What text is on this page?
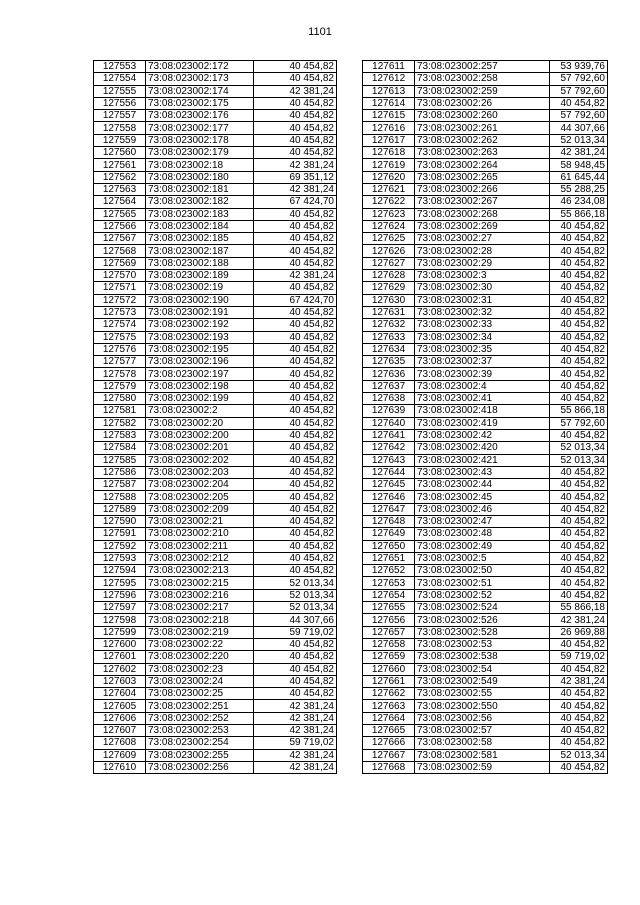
1101
127553	73:08:023002:172	40 454,82
127554	73:08:023002:173	40 454,82
127555	73:08:023002:174	42 381,24
127556	73:08:023002:175	40 454,82
127557	73:08:023002:176	40 454,82
127558	73:08:023002:177	40 454,82
127559	73:08:023002:178	40 454,82
127560	73:08:023002:179	40 454,82
127561	73:08:023002:18	42 381,24
127562	73:08:023002:180	69 351,12
127563	73:08:023002:181	42 381,24
127564	73:08:023002:182	67 424,70
127565	73:08:023002:183	40 454,82
127566	73:08:023002:184	40 454,82
127567	73:08:023002:185	40 454,82
127568	73:08:023002:187	40 454,82
127569	73:08:023002:188	40 454,82
127570	73:08:023002:189	42 381,24
127571	73:08:023002:19	40 454,82
127572	73:08:023002:190	67 424,70
127573	73:08:023002:191	40 454,82
127574	73:08:023002:192	40 454,82
127575	73:08:023002:193	40 454,82
127576	73:08:023002:195	40 454,82
127577	73:08:023002:196	40 454,82
127578	73:08:023002:197	40 454,82
127579	73:08:023002:198	40 454,82
127580	73:08:023002:199	40 454,82
127581	73:08:023002:2	40 454,82
127582	73:08:023002:20	40 454,82
127583	73:08:023002:200	40 454,82
127584	73:08:023002:201	40 454,82
127585	73:08:023002:202	40 454,82
127586	73:08:023002:203	40 454,82
127587	73:08:023002:204	40 454,82
127588	73:08:023002:205	40 454,82
127589	73:08:023002:209	40 454,82
127590	73:08:023002:21	40 454,82
127591	73:08:023002:210	40 454,82
127592	73:08:023002:211	40 454,82
127593	73:08:023002:212	40 454,82
127594	73:08:023002:213	40 454,82
127595	73:08:023002:215	52 013,34
127596	73:08:023002:216	52 013,34
127597	73:08:023002:217	52 013,34
127598	73:08:023002:218	44 307,66
127599	73:08:023002:219	59 719,02
127600	73:08:023002:22	40 454,82
127601	73:08:023002:220	40 454,82
127602	73:08:023002:23	40 454,82
127603	73:08:023002:24	40 454,82
127604	73:08:023002:25	40 454,82
127605	73:08:023002:251	42 381,24
127606	73:08:023002:252	42 381,24
127607	73:08:023002:253	42 381,24
127608	73:08:023002:254	59 719,02
127609	73:08:023002:255	42 381,24
127610	73:08:023002:256	42 381,24
127611	73:08:023002:257	53 939,76
127612	73:08:023002:258	57 792,60
127613	73:08:023002:259	57 792,60
127614	73:08:023002:26	40 454,82
127615	73:08:023002:260	57 792,60
127616	73:08:023002:261	44 307,66
127617	73:08:023002:262	52 013,34
127618	73:08:023002:263	42 381,24
127619	73:08:023002:264	58 948,45
127620	73:08:023002:265	61 645,44
127621	73:08:023002:266	55 288,25
127622	73:08:023002:267	46 234,08
127623	73:08:023002:268	55 866,18
127624	73:08:023002:269	40 454,82
127625	73:08:023002:27	40 454,82
127626	73:08:023002:28	40 454,82
127627	73:08:023002:29	40 454,82
127628	73:08:023002:3	40 454,82
127629	73:08:023002:30	40 454,82
127630	73:08:023002:31	40 454,82
127631	73:08:023002:32	40 454,82
127632	73:08:023002:33	40 454,82
127633	73:08:023002:34	40 454,82
127634	73:08:023002:35	40 454,82
127635	73:08:023002:37	40 454,82
127636	73:08:023002:39	40 454,82
127637	73:08:023002:4	40 454,82
127638	73:08:023002:41	40 454,82
127639	73:08:023002:418	55 866,18
127640	73:08:023002:419	57 792,60
127641	73:08:023002:42	40 454,82
127642	73:08:023002:420	52 013,34
127643	73:08:023002:421	52 013,34
127644	73:08:023002:43	40 454,82
127645	73:08:023002:44	40 454,82
127646	73:08:023002:45	40 454,82
127647	73:08:023002:46	40 454,82
127648	73:08:023002:47	40 454,82
127649	73:08:023002:48	40 454,82
127650	73:08:023002:49	40 454,82
127651	73:08:023002:5	40 454,82
127652	73:08:023002:50	40 454,82
127653	73:08:023002:51	40 454,82
127654	73:08:023002:52	40 454,82
127655	73:08:023002:524	55 866,18
127656	73:08:023002:526	42 381,24
127657	73:08:023002:528	26 969,88
127658	73:08:023002:53	40 454,82
127659	73:08:023002:538	59 719,02
127660	73:08:023002:54	40 454,82
127661	73:08:023002:549	42 381,24
127662	73:08:023002:55	40 454,82
127663	73:08:023002:550	40 454,82
127664	73:08:023002:56	40 454,82
127665	73:08:023002:57	40 454,82
127666	73:08:023002:58	40 454,82
127667	73:08:023002:581	52 013,34
127668	73:08:023002:59	40 454,82
